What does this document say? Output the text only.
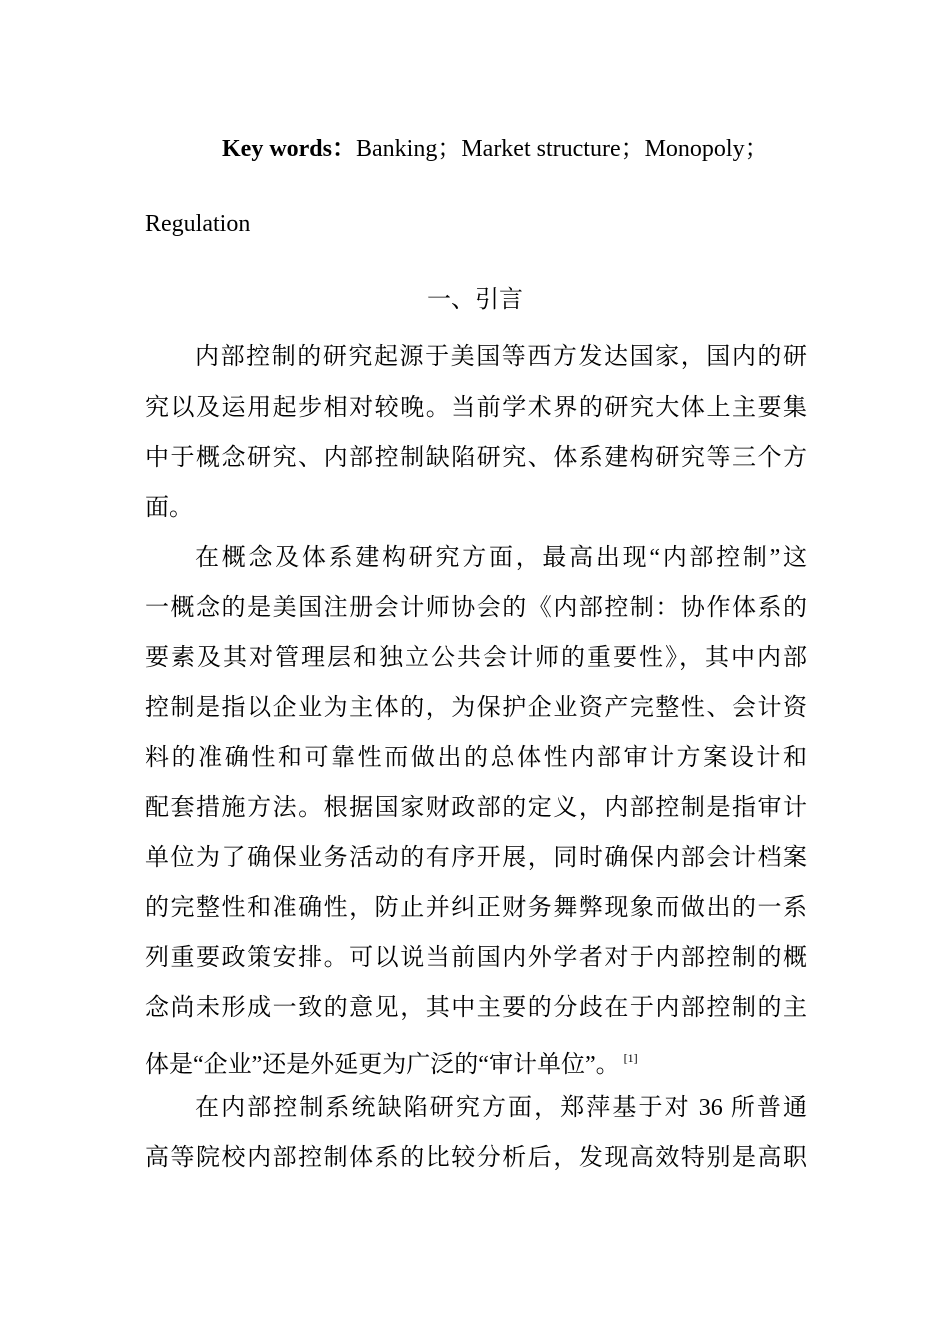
Key words：Banking；Market structure；Monopoly；
Regulation
一、引言
内部控制的研究起源于美国等西方发达国家，国内的研
究以及运用起步相对较晚。当前学术界的研究大体上主要集
中于概念研究、内部控制缺陷研究、体系建构研究等三个方
面。
在概念及体系建构研究方面，最高出现“内部控制”这
一概念的是美国注册会计师协会的《内部控制：协作体系的
要素及其对管理层和独立公共会计师的重要性》，其中内部
控制是指以企业为主体的，为保护企业资产完整性、会计资
料的准确性和可靠性而做出的总体性内部审计方案设计和
配套措施方法。根据国家财政部的定义，内部控制是指审计
单位为了确保业务活动的有序开展，同时确保内部会计档案
的完整性和准确性，防止并纠正财务舞弊现象而做出的一系
列重要政策安排。可以说当前国内外学者对于内部控制的概
念尚未形成一致的意见，其中主要的分歧在于内部控制的主
体是“企业”还是外延更为广泛的“审计单位”。 [1]
在内部控制系统缺陷研究方面，郑萍基于对 36 所普通
高等院校内部控制体系的比较分析后，发现高效特别是高职
